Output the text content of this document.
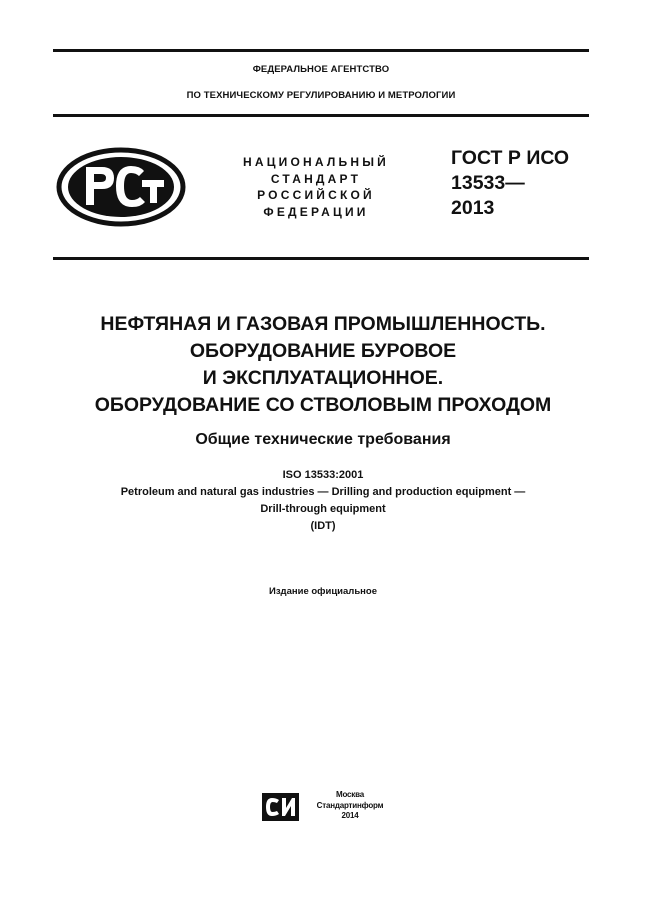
ФЕДЕРАЛЬНОЕ АГЕНТСТВО
ПО ТЕХНИЧЕСКОМУ РЕГУЛИРОВАНИЮ И МЕТРОЛОГИИ
НАЦИОНАЛЬНЫЙ
СТАНДАРТ
РОССИЙСКОЙ
ФЕДЕРАЦИИ
ГОСТ Р ИСО
13533—
2013
НЕФТЯНАЯ И ГАЗОВАЯ ПРОМЫШЛЕННОСТЬ.
ОБОРУДОВАНИЕ БУРОВОЕ
И ЭКСПЛУАТАЦИОННОЕ.
ОБОРУДОВАНИЕ СО СТВОЛОВЫМ ПРОХОДОМ
Общие технические требования
ISO 13533:2001
Petroleum and natural gas industries — Drilling and production equipment —
Drill-through equipment
(IDT)
Издание официальное
Москва
Стандартинформ
2014
